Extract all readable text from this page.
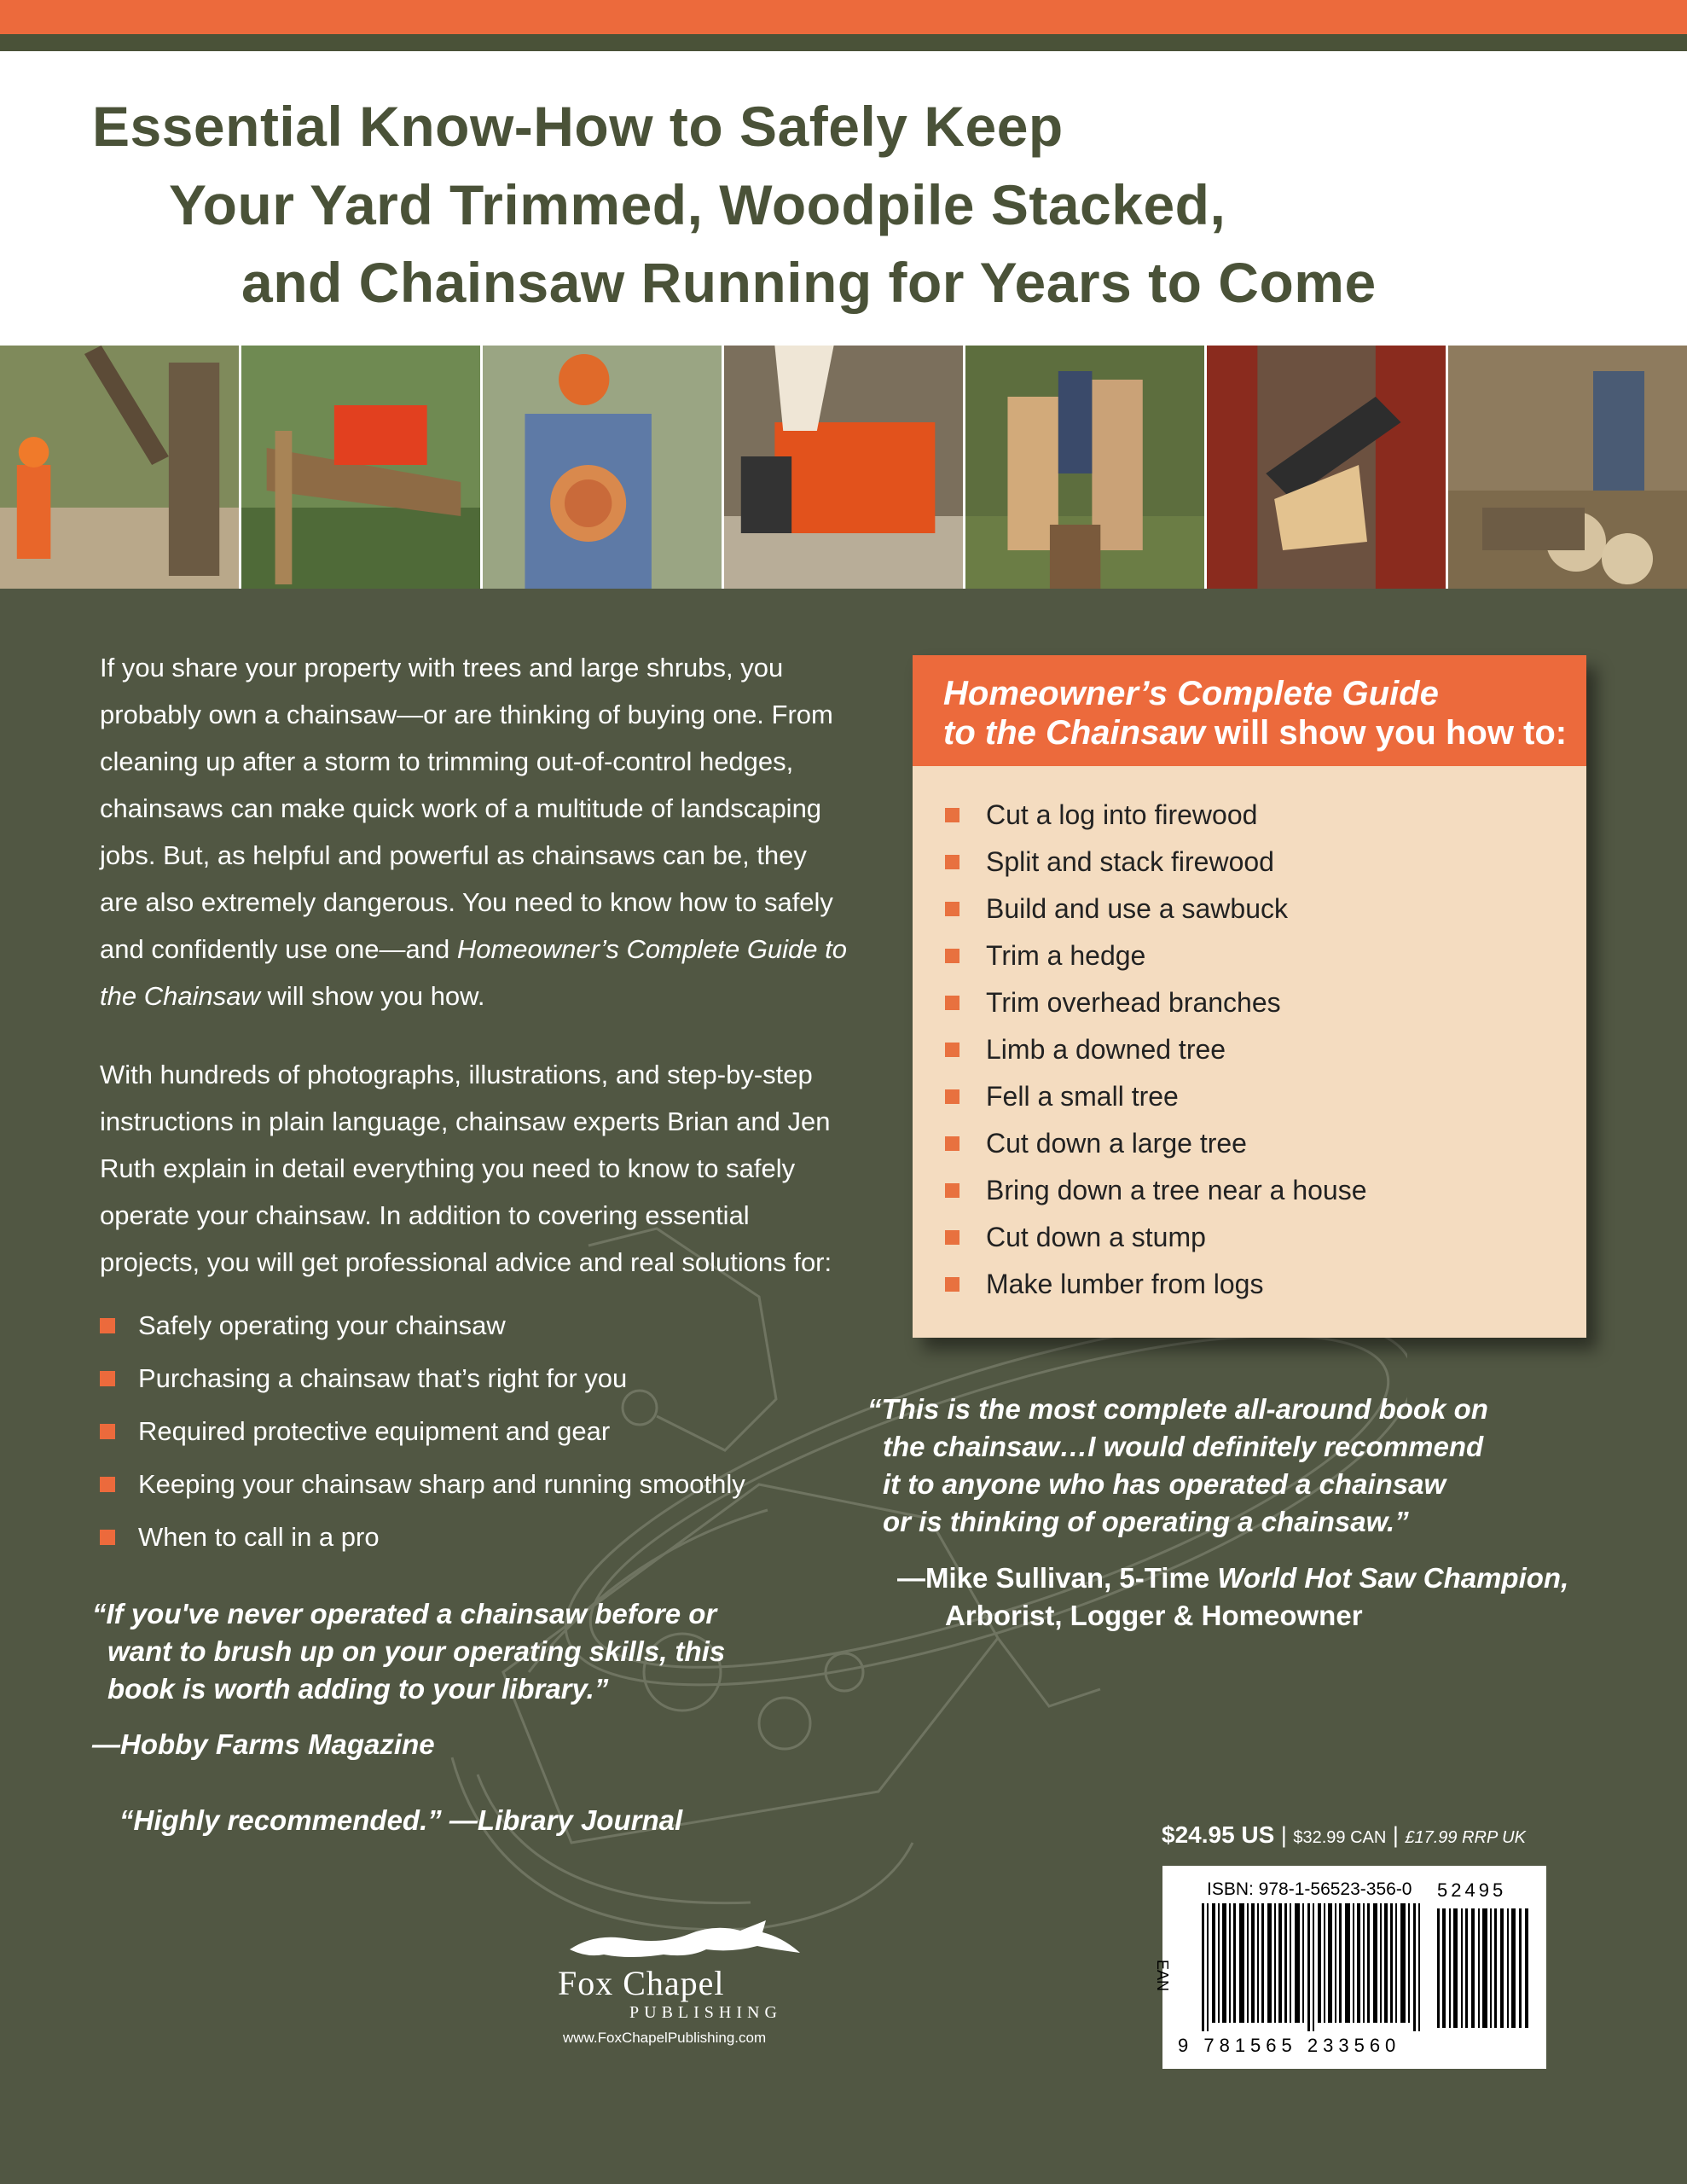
Essential Know-How to Safely Keep
Your Yard Trimmed, Woodpile Stacked,
and Chainsaw Running for Years to Come

If you share your property with trees and large shrubs, you probably own a chainsaw—or are thinking of buying one. From cleaning up after a storm to trimming out-of-control hedges, chainsaws can make quick work of a multitude of landscaping jobs. But, as helpful and powerful as chainsaws can be, they are also extremely dangerous. You need to know how to safely and confidently use one—and Homeowner’s Complete Guide to the Chainsaw will show you how.

With hundreds of photographs, illustrations, and step-by-step instructions in plain language, chainsaw experts Brian and Jen Ruth explain in detail everything you need to know to safely operate your chainsaw. In addition to covering essential projects, you will get professional advice and real solutions for:

Safely operating your chainsaw
Purchasing a chainsaw that’s right for you
Required protective equipment and gear
Keeping your chainsaw sharp and running smoothly
When to call in a pro
“If you've never operated a chainsaw before or
want to brush up on your operating skills, this
book is worth adding to your library.”
—Hobby Farms Magazine
“Highly recommended.” —Library Journal
Homeowner’s Complete Guide
to the Chainsaw will show you how to:
Cut a log into firewood
Split and stack firewood
Build and use a sawbuck
Trim a hedge
Trim overhead branches
Limb a downed tree
Fell a small tree
Cut down a large tree
Bring down a tree near a house
Cut down a stump
Make lumber from logs
“This is the most complete all-around book on
the chainsaw…I would definitely recommend
it to anyone who has operated a chainsaw
or is thinking of operating a chainsaw.”
—Mike Sullivan, 5-Time World Hot Saw Champion,
Arborist, Logger & Homeowner
$24.95 US | $32.99 CAN | £17.99 RRP UK
EAN
ISBN: 978-1-56523-356-0 52495
9 781565 233560
Fox Chapel
PUBLISHING
www.FoxChapelPublishing.com
